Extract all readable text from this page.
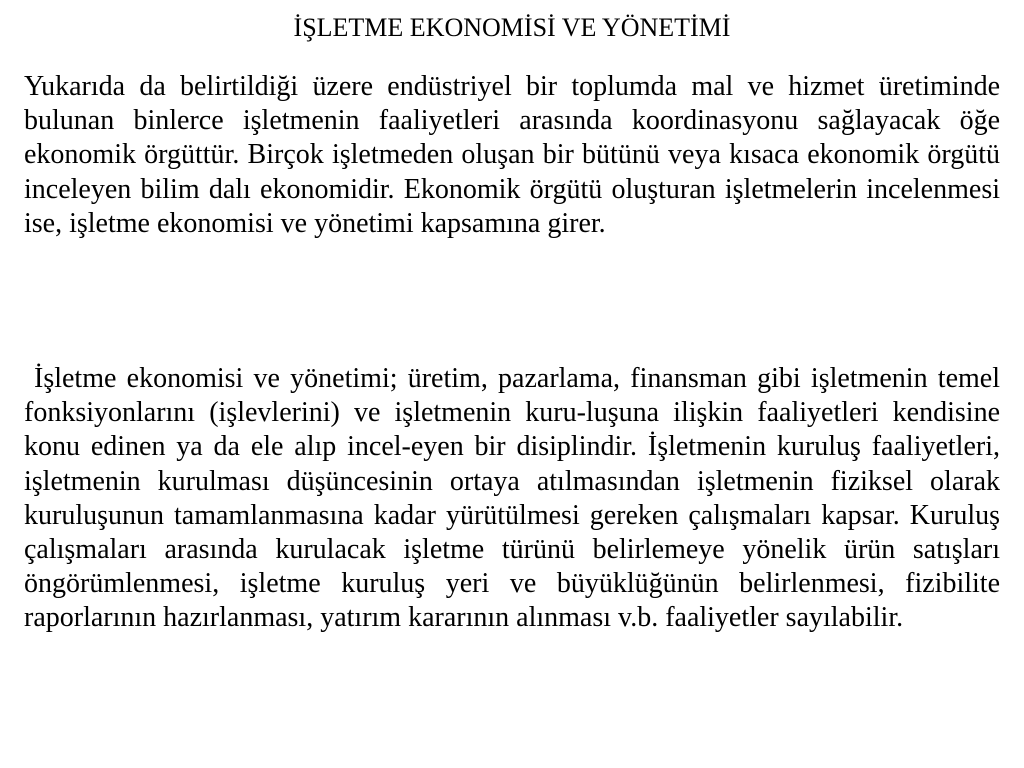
İŞLETME EKONOMİSİ VE YÖNETİMİ

Yukarıda da belirtildiği üzere endüstriyel bir toplumda mal ve hizmet üretiminde bulunan binlerce işletmenin faaliyetleri arasında koordinasyonu sağlayacak öğe ekonomik örgüttür. Birçok işletmeden oluşan bir bütünü veya kısaca ekonomik örgütü inceleyen bilim dalı ekonomidir. Ekonomik örgütü oluşturan işletmelerin incelenmesi ise, işletme ekonomisi ve yönetimi kapsamına girer.

İşletme ekonomisi ve yönetimi; üretim, pazarlama, finansman gibi işletmenin temel fonksiyonlarını (işlevlerini) ve işletmenin kuru-luşuna ilişkin faaliyetleri kendisine konu edinen ya da ele alıp incel-eyen bir disiplindir. İşletmenin kuruluş faaliyetleri, işletmenin kurulması düşüncesinin ortaya atılmasından işletmenin fiziksel olarak kuruluşunun tamamlanmasına kadar yürütülmesi gereken çalışmaları kapsar. Kuruluş çalışmaları arasında kurulacak işletme türünü belirlemeye yönelik ürün satışları öngörümlenmesi, işletme kuruluş yeri ve büyüklüğünün belirlenmesi, fizibilite raporlarının hazırlanması, yatırım kararının alınması v.b. faaliyetler sayılabilir.
